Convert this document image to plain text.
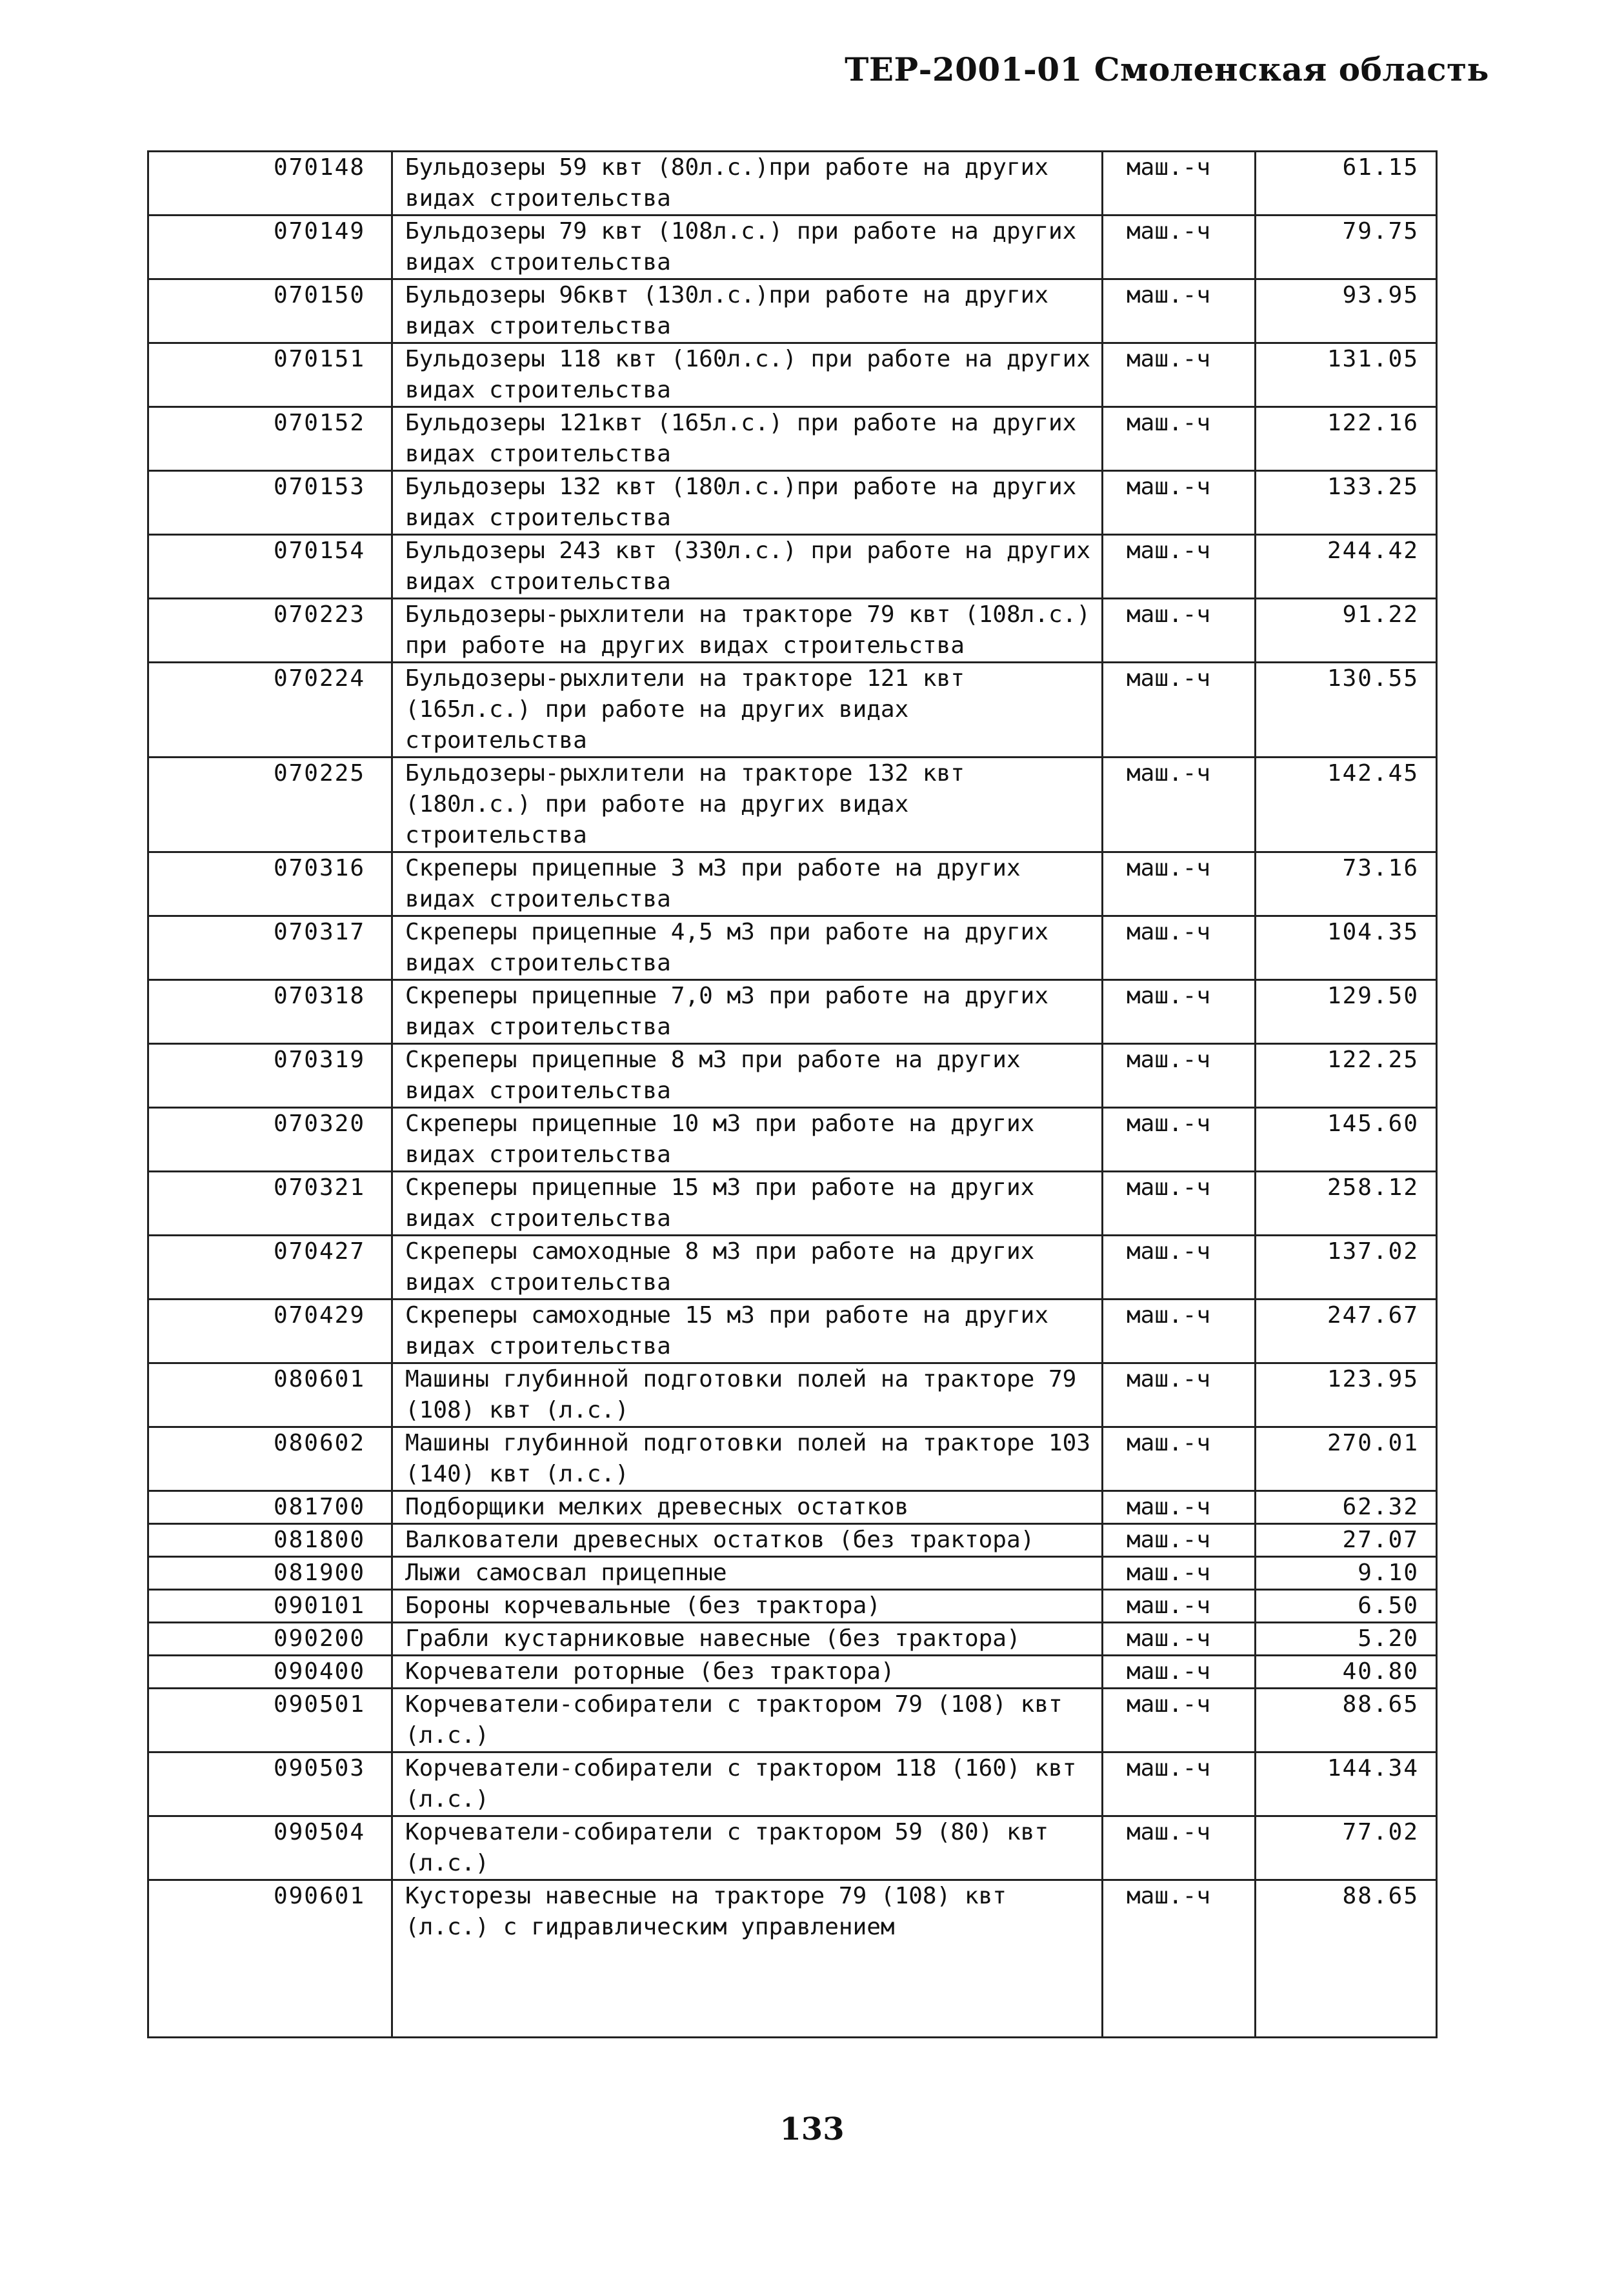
ТЕР-2001-01 Смоленская область
070148	Бульдозеры 59 квт (80л.с.)при работе на других видах строительства	маш.-ч	61.15
070149	Бульдозеры 79 квт (108л.с.) при работе на других видах строительства	маш.-ч	79.75
070150	Бульдозеры 96квт (130л.с.)при работе на других видах строительства	маш.-ч	93.95
070151	Бульдозеры 118 квт (160л.с.) при работе на других видах строительства	маш.-ч	131.05
070152	Бульдозеры 121квт (165л.с.) при работе на других видах строительства	маш.-ч	122.16
070153	Бульдозеры 132 квт (180л.с.)при работе на других видах строительства	маш.-ч	133.25
070154	Бульдозеры 243 квт (330л.с.) при работе на других видах строительства	маш.-ч	244.42
070223	Бульдозеры-рыхлители на тракторе 79 квт (108л.с.) при работе на других видах строительства	маш.-ч	91.22
070224	Бульдозеры-рыхлители на тракторе 121 квт (165л.с.) при работе на других видах строительства	маш.-ч	130.55
070225	Бульдозеры-рыхлители на тракторе 132 квт (180л.с.) при работе на других видах строительства	маш.-ч	142.45
070316	Скреперы прицепные 3 м3 при работе на других видах строительства	маш.-ч	73.16
070317	Скреперы прицепные 4,5 м3 при работе на других видах строительства	маш.-ч	104.35
070318	Скреперы прицепные 7,0 м3 при работе на других видах строительства	маш.-ч	129.50
070319	Скреперы прицепные 8 м3 при работе на других видах строительства	маш.-ч	122.25
070320	Скреперы прицепные 10 м3 при работе на других видах строительства	маш.-ч	145.60
070321	Скреперы прицепные 15 м3 при работе на других видах строительства	маш.-ч	258.12
070427	Скреперы самоходные 8 м3 при работе на других видах строительства	маш.-ч	137.02
070429	Скреперы самоходные 15 м3 при работе на других видах строительства	маш.-ч	247.67
080601	Машины глубинной подготовки полей на тракторе 79 (108) квт (л.с.)	маш.-ч	123.95
080602	Машины глубинной подготовки полей на тракторе 103 (140) квт (л.с.)	маш.-ч	270.01
081700	Подборщики мелких древесных остатков	маш.-ч	62.32
081800	Валкователи древесных остатков (без трактора)	маш.-ч	27.07
081900	Лыжи самосвал прицепные	маш.-ч	9.10
090101	Бороны корчевальные (без трактора)	маш.-ч	6.50
090200	Грабли кустарниковые навесные (без трактора)	маш.-ч	5.20
090400	Корчеватели роторные (без трактора)	маш.-ч	40.80
090501	Корчеватели-собиратели с трактором 79 (108) квт (л.с.)	маш.-ч	88.65
090503	Корчеватели-собиратели с трактором 118 (160) квт (л.с.)	маш.-ч	144.34
090504	Корчеватели-собиратели с трактором 59 (80) квт (л.с.)	маш.-ч	77.02
090601	Кусторезы навесные на тракторе 79 (108) квт (л.с.) с гидравлическим управлением	маш.-ч	88.65
133
